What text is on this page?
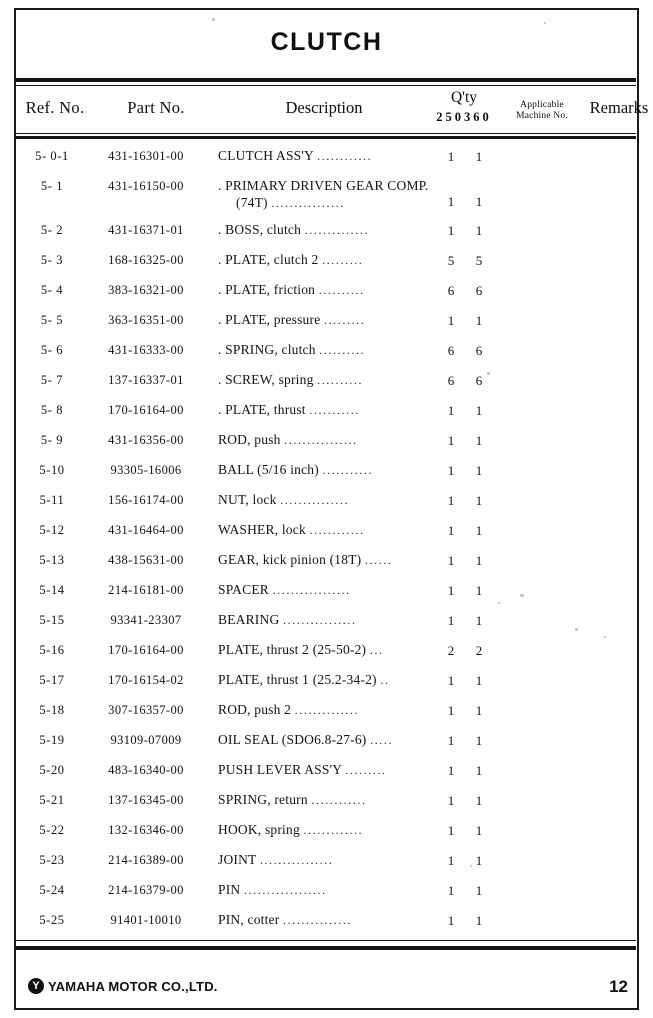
CLUTCH
Ref. No.	Part No.	Description
Q'ty
250360
Applicable
Machine No.	Remarks
5- 0-1	431-16301-00	CLUTCH ASS'Y ............	1	1
5- 1	431-16150-00	. PRIMARY DRIVEN GEAR COMP.
(74T) ................	1	1
5- 2	431-16371-01	. BOSS, clutch ..............	1	1
5- 3	168-16325-00	. PLATE, clutch 2 .........	5	5
5- 4	383-16321-00	. PLATE, friction ..........	6	6
5- 5	363-16351-00	. PLATE, pressure .........	1	1
5- 6	431-16333-00	. SPRING, clutch ..........	6	6
5- 7	137-16337-01	. SCREW, spring ..........	6	6
5- 8	170-16164-00	. PLATE, thrust ...........	1	1
5- 9	431-16356-00	ROD, push ................	1	1
5-10	93305-16006	BALL (5/16 inch) ...........	1	1
5-11	156-16174-00	NUT, lock ...............	1	1
5-12	431-16464-00	WASHER, lock ............	1	1
5-13	438-15631-00	GEAR, kick pinion (18T) ......	1	1
5-14	214-16181-00	SPACER .................	1	1
5-15	93341-23307	BEARING ................	1	1
5-16	170-16164-00	PLATE, thrust 2 (25-50-2) ...	2	2
5-17	170-16154-02	PLATE, thrust 1 (25.2-34-2) ..	1	1
5-18	307-16357-00	ROD, push 2 ..............	1	1
5-19	93109-07009	OIL SEAL (SDO6.8-27-6) .....	1	1
5-20	483-16340-00	PUSH LEVER ASS'Y .........	1	1
5-21	137-16345-00	SPRING, return ............	1	1
5-22	132-16346-00	HOOK, spring .............	1	1
5-23	214-16389-00	JOINT ................	1	1
5-24	214-16379-00	PIN ..................	1	1
5-25	91401-10010	PIN, cotter ...............	1	1
Y YAMAHA MOTOR CO.,LTD.	12
